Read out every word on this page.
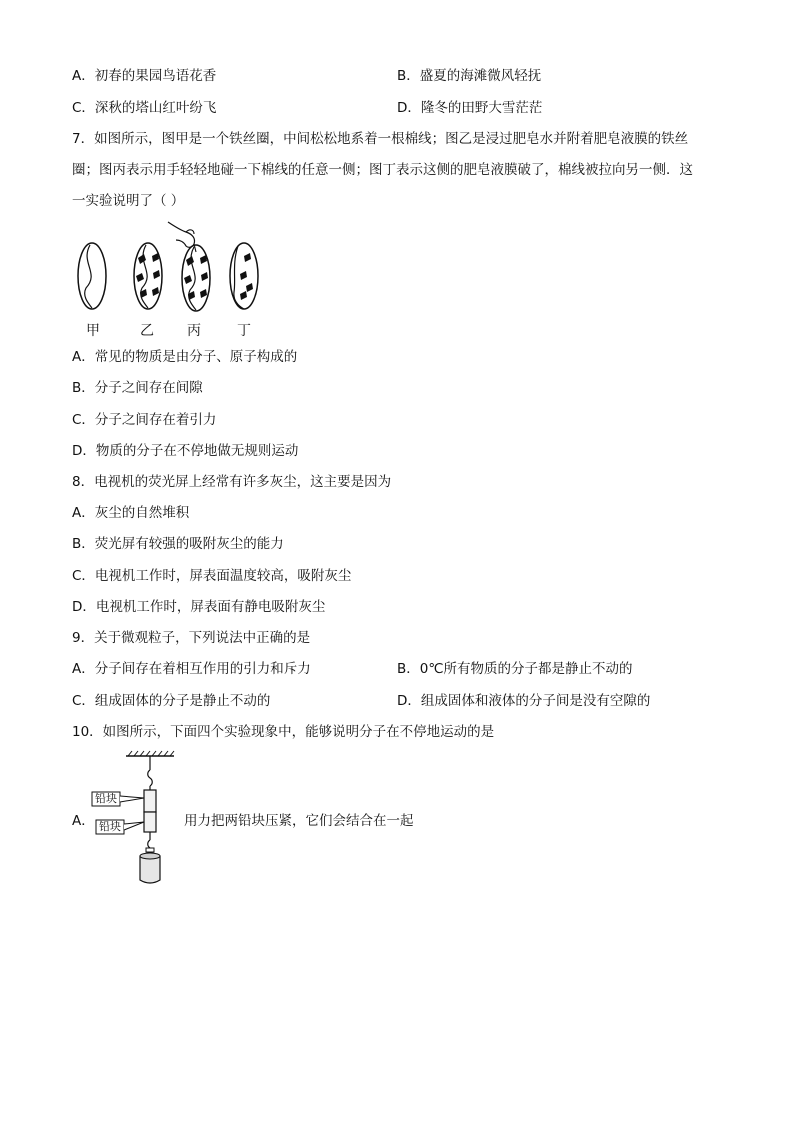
A．初春的果园鸟语花香	B．盛夏的海滩微风轻抚
C．深秋的塔山红叶纷飞	D．隆冬的田野大雪茫茫
7．如图所示，图甲是一个铁丝圈，中间松松地系着一根棉线；图乙是浸过肥皂水并附着肥皂液膜的铁丝
圈；图丙表示用手轻轻地碰一下棉线的任意一侧；图丁表示这侧的肥皂液膜破了，棉线被拉向另一侧．这
一实验说明了（ ）
甲	乙 丙	丁
A．常见的物质是由分子、原子构成的
B．分子之间存在间隙
C．分子之间存在着引力
D．物质的分子在不停地做无规则运动
8．电视机的荧光屏上经常有许多灰尘，这主要是因为
A．灰尘的自然堆积
B．荧光屏有较强的吸附灰尘的能力
C．电视机工作时，屏表面温度较高，吸附灰尘
D．电视机工作时，屏表面有静电吸附灰尘
9．关于微观粒子，下列说法中正确的是
A．分子间存在着相互作用的引力和斥力	B．0℃所有物质的分子都是静止不动的
C．组成固体的分子是静止不动的	D．组成固体和液体的分子间是没有空隙的
10．如图所示，下面四个实验现象中，能够说明分子在不停地运动的是
铅块
铅块
A．	用力把两铅块压紧，它们会结合在一起
